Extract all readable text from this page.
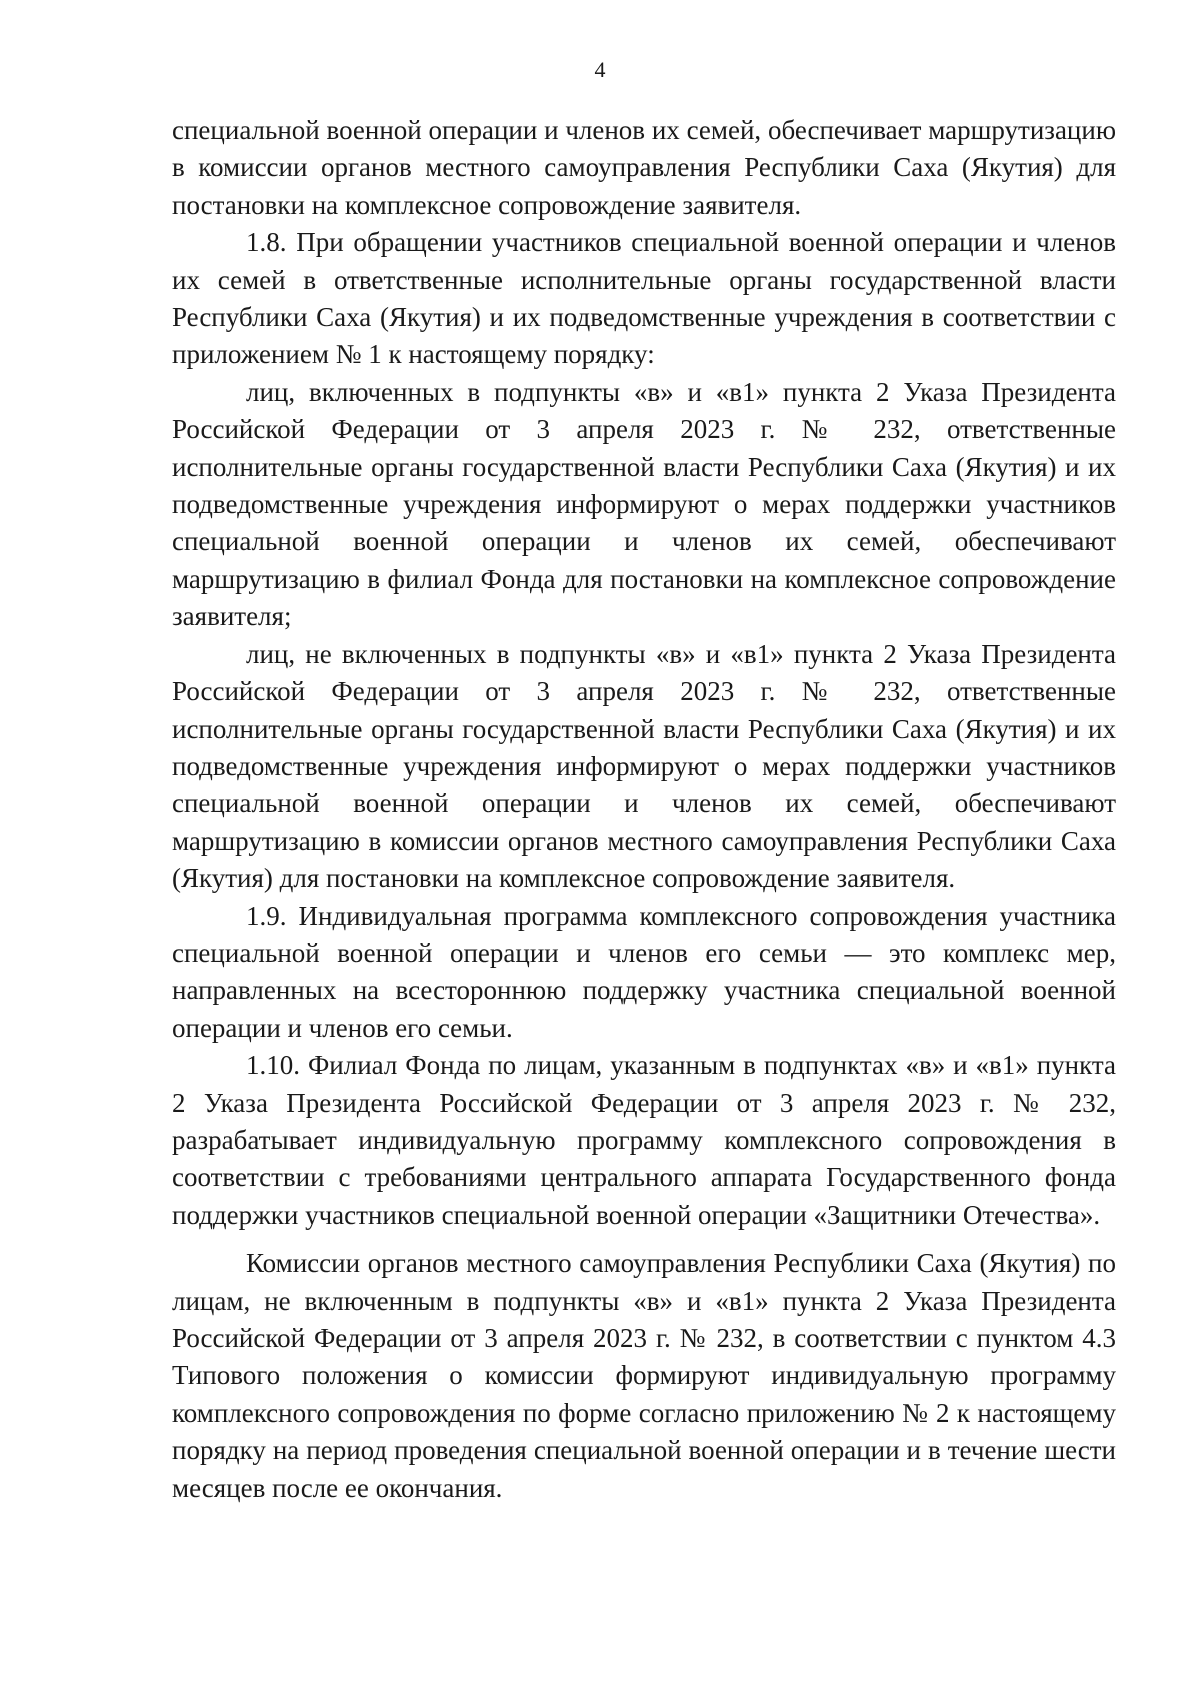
4

специальной военной операции и членов их семей, обеспечивает маршрутизацию в комиссии органов местного самоуправления Республики Саха (Якутия) для постановки на комплексное сопровождение заявителя.

1.8. При обращении участников специальной военной операции и членов их семей в ответственные исполнительные органы государственной власти Республики Саха (Якутия) и их подведомственные учреждения в соответствии с приложением № 1 к настоящему порядку:

лиц, включенных в подпункты «в» и «в1» пункта 2 Указа Президента Российской Федерации от 3 апреля 2023 г. № 232, ответственные исполнительные органы государственной власти Республики Саха (Якутия) и их подведомственные учреждения информируют о мерах поддержки участников специальной военной операции и членов их семей, обеспечивают маршрутизацию в филиал Фонда для постановки на комплексное сопровождение заявителя;

лиц, не включенных в подпункты «в» и «в1» пункта 2 Указа Президента Российской Федерации от 3 апреля 2023 г. № 232, ответственные исполнительные органы государственной власти Республики Саха (Якутия) и их подведомственные учреждения информируют о мерах поддержки участников специальной военной операции и членов их семей, обеспечивают маршрутизацию в комиссии органов местного самоуправления Республики Саха (Якутия) для постановки на комплексное сопровождение заявителя.

1.9. Индивидуальная программа комплексного сопровождения участника специальной военной операции и членов его семьи — это комплекс мер, направленных на всестороннюю поддержку участника специальной военной операции и членов его семьи.

1.10. Филиал Фонда по лицам, указанным в подпунктах «в» и «в1» пункта 2 Указа Президента Российской Федерации от 3 апреля 2023 г. № 232, разрабатывает индивидуальную программу комплексного сопровождения в соответствии с требованиями центрального аппарата Государственного фонда поддержки участников специальной военной операции «Защитники Отечества».

Комиссии органов местного самоуправления Республики Саха (Якутия) по лицам, не включенным в подпункты «в» и «в1» пункта 2 Указа Президента Российской Федерации от 3 апреля 2023 г. № 232, в соответствии с пунктом 4.3 Типового положения о комиссии формируют индивидуальную программу комплексного сопровождения по форме согласно приложению № 2 к настоящему порядку на период проведения специальной военной операции и в течение шести месяцев после ее окончания.
